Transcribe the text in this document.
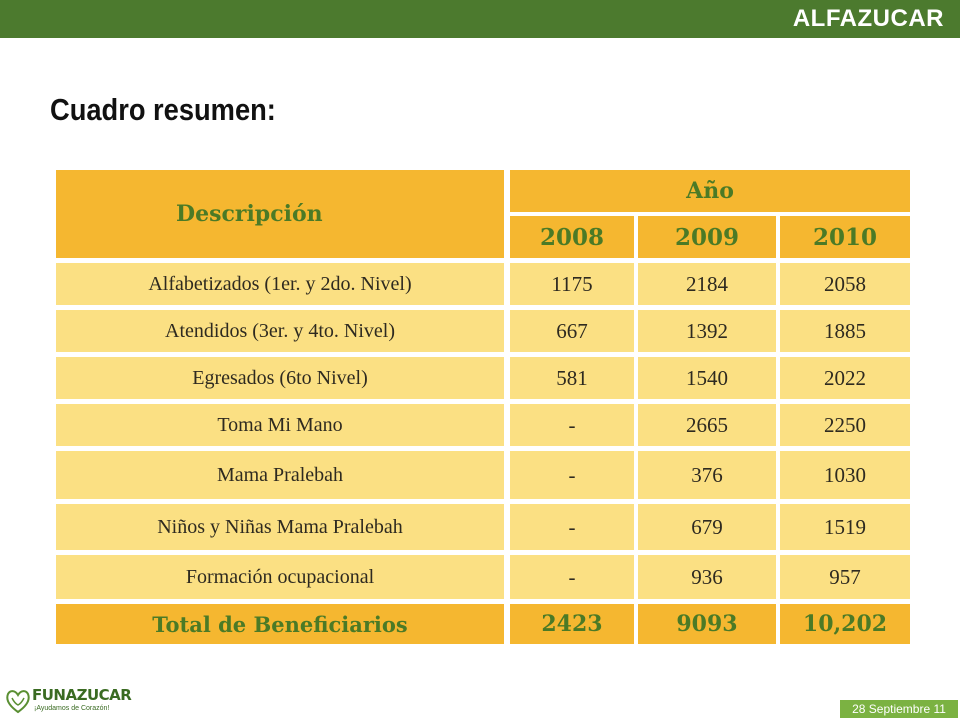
ALFAZUCAR
Cuadro resumen:
Descripción
Año
2008	2009	2010
Alfabetizados (1er. y 2do. Nivel)	1175	2184	2058
Atendidos (3er. y 4to. Nivel)	667	1392	1885
Egresados (6to Nivel)	581	1540	2022
Toma Mi Mano	-	2665	2250
Mama Pralebah	-	376	1030
Niños y Niñas Mama Pralebah	-	679	1519
Formación ocupacional	-	936	957
Total de Beneficiarios	2423	9093	10,202
FUNAZUCAR
¡Ayudamos de Corazón!	28 Septiembre 11
